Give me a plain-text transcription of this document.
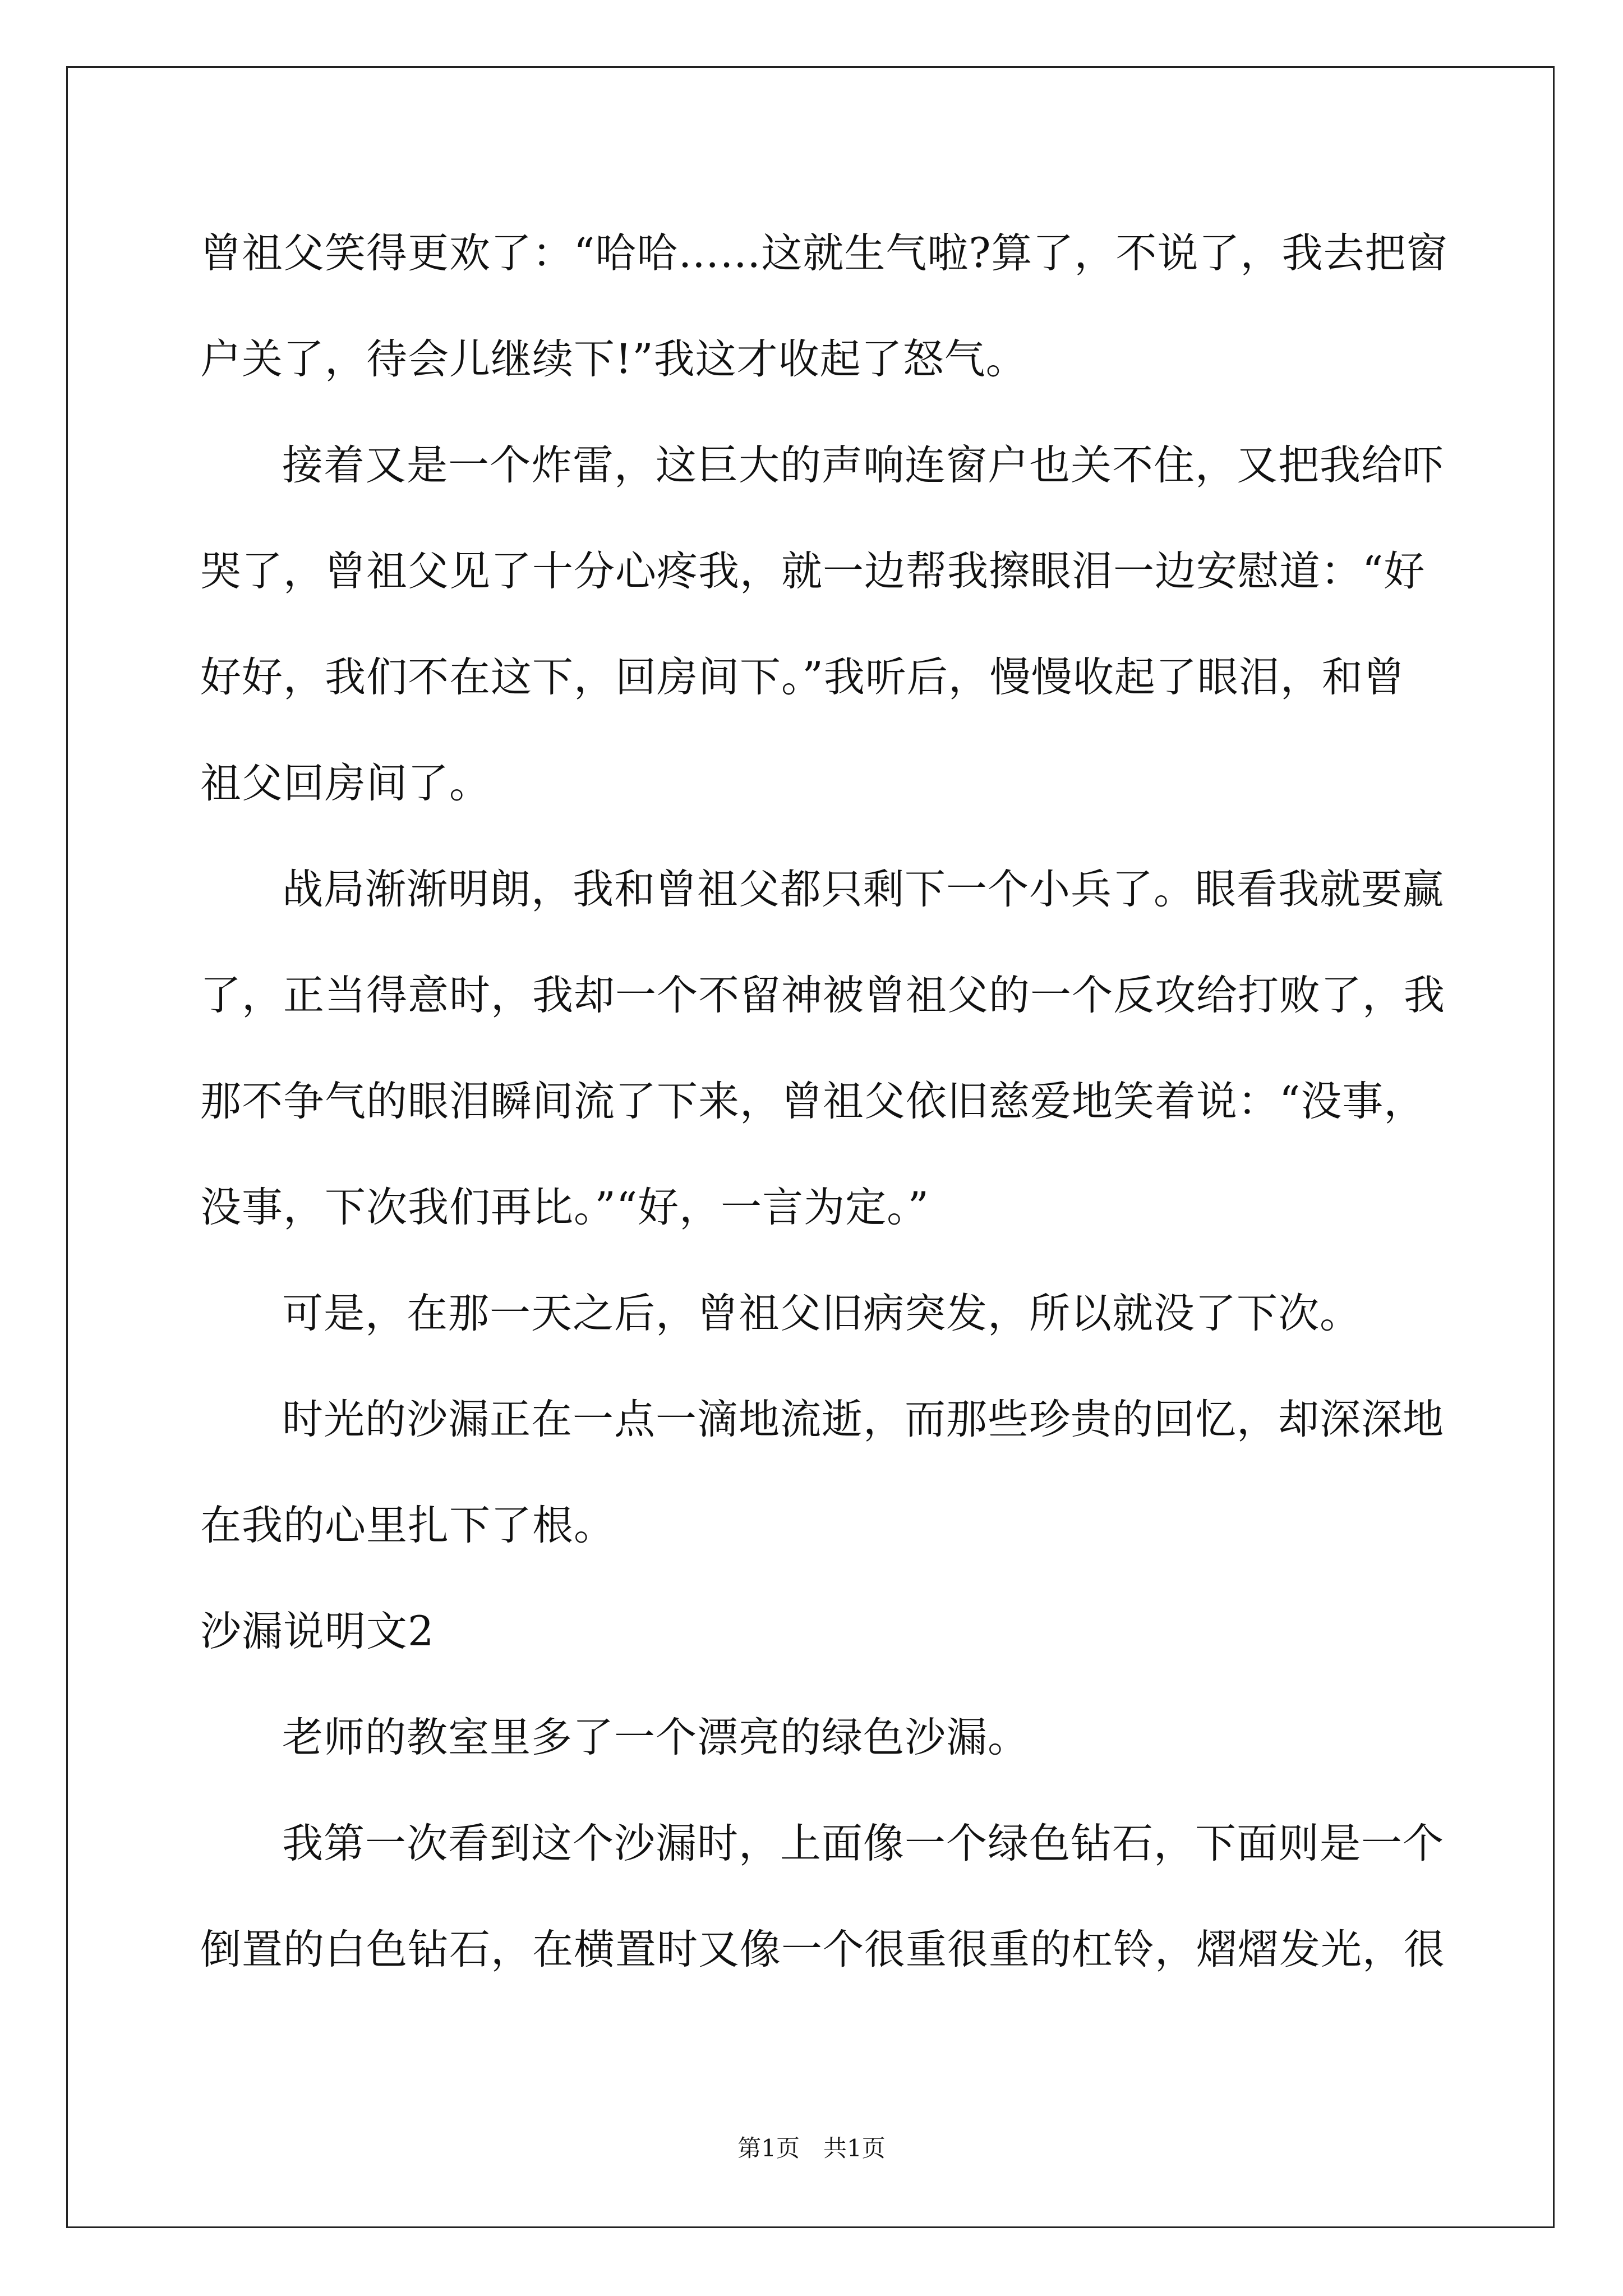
曾祖父笑得更欢了：“哈哈……这就生气啦?算了，不说了，我去把窗
户关了，待会儿继续下!”我这才收起了怒气。
接着又是一个炸雷，这巨大的声响连窗户也关不住，又把我给吓
哭了，曾祖父见了十分心疼我，就一边帮我擦眼泪一边安慰道：“好
好好，我们不在这下，回房间下。”我听后，慢慢收起了眼泪，和曾
祖父回房间了。
战局渐渐明朗，我和曾祖父都只剩下一个小兵了。眼看我就要赢
了，正当得意时，我却一个不留神被曾祖父的一个反攻给打败了，我
那不争气的眼泪瞬间流了下来，曾祖父依旧慈爱地笑着说：“没事，
没事，下次我们再比。”“好，一言为定。”
可是，在那一天之后，曾祖父旧病突发，所以就没了下次。
时光的沙漏正在一点一滴地流逝，而那些珍贵的回忆，却深深地
在我的心里扎下了根。
沙漏说明文2
老师的教室里多了一个漂亮的绿色沙漏。
我第一次看到这个沙漏时，上面像一个绿色钻石，下面则是一个
倒置的白色钻石，在横置时又像一个很重很重的杠铃，熠熠发光，很
第1页　共1页
